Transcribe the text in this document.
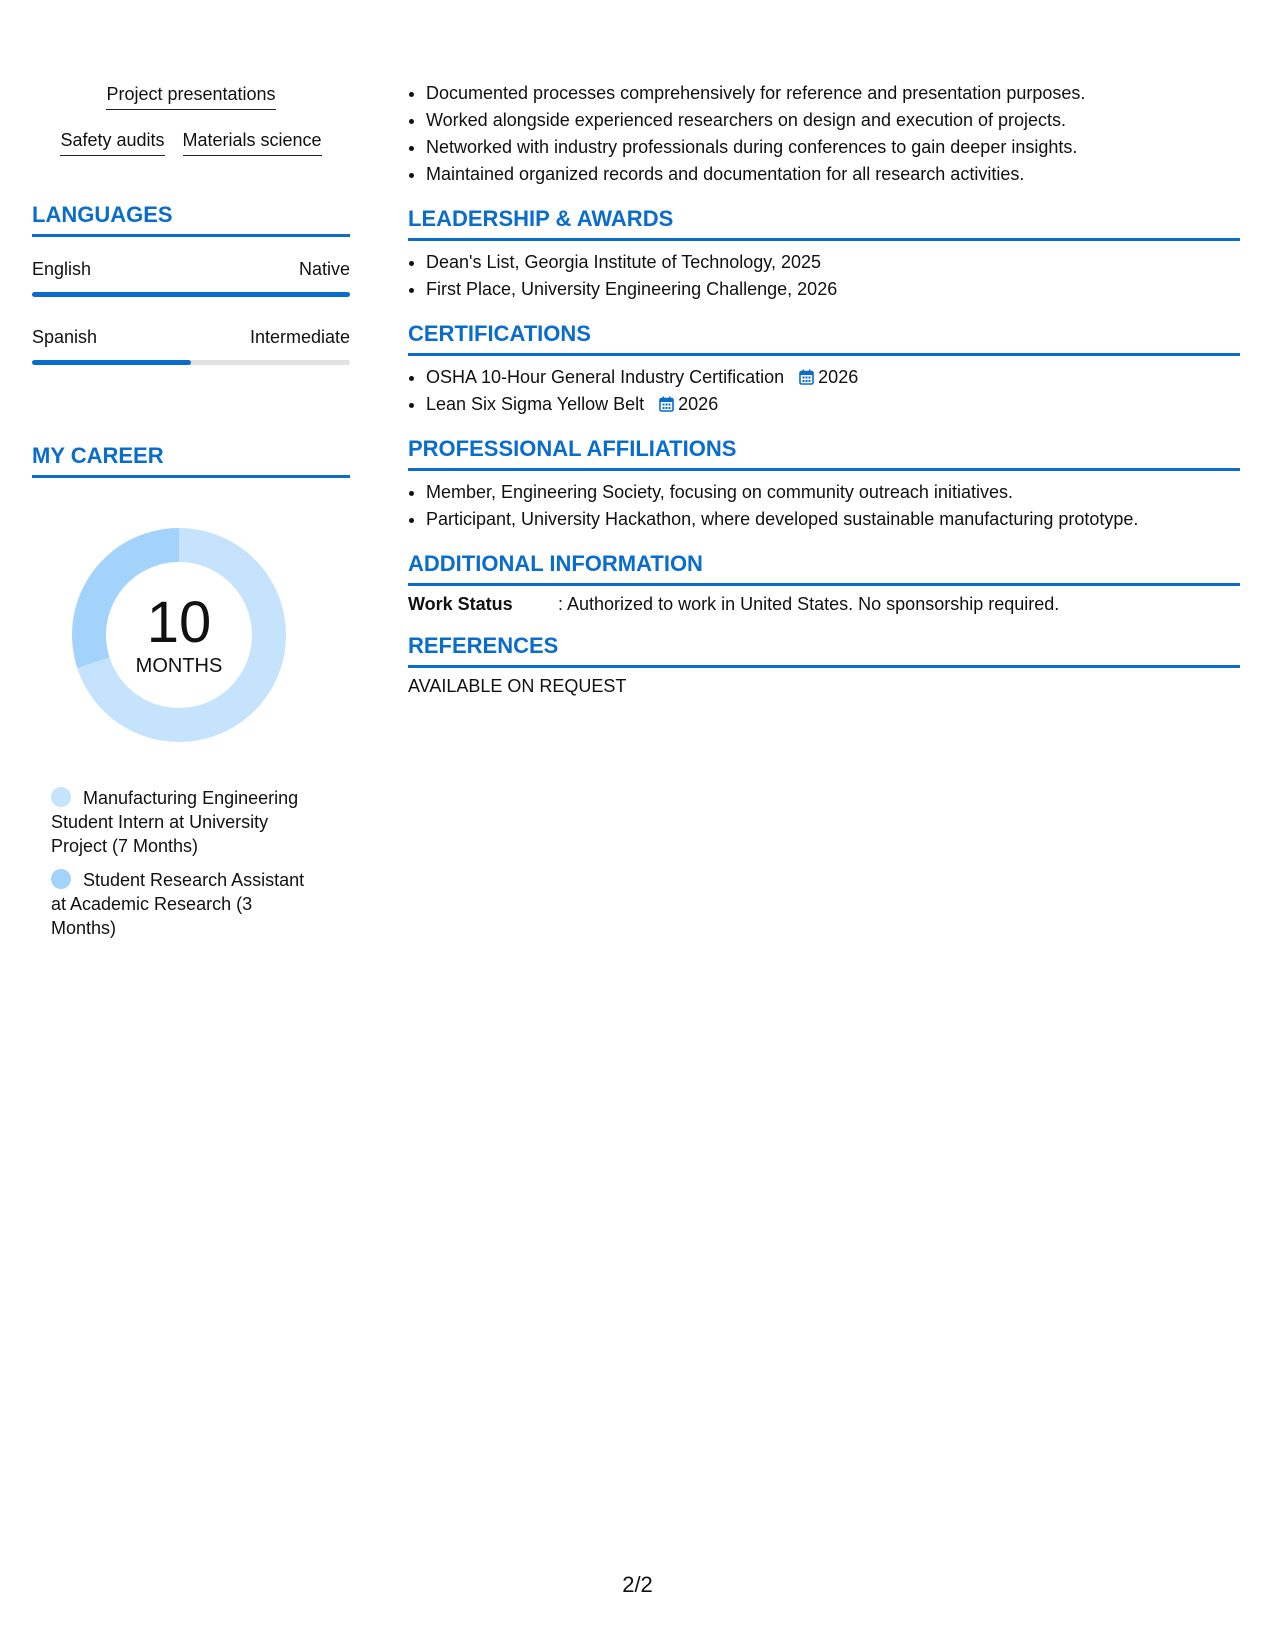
Project presentations
Safety audits Materials science
LANGUAGES
English	Native
Spanish	Intermediate
MY CAREER
10
MONTHS
Manufacturing Engineering Student Intern at University Project (7 Months)
Student Research Assistant at Academic Research (3 Months)
• Documented processes comprehensively for reference and presentation purposes.
• Worked alongside experienced researchers on design and execution of projects.
• Networked with industry professionals during conferences to gain deeper insights.
• Maintained organized records and documentation for all research activities.
LEADERSHIP & AWARDS
• Dean's List, Georgia Institute of Technology, 2025
• First Place, University Engineering Challenge, 2026
CERTIFICATIONS
• OSHA 10-Hour General Industry Certification 2026
• Lean Six Sigma Yellow Belt 2026
PROFESSIONAL AFFILIATIONS
• Member, Engineering Society, focusing on community outreach initiatives.
• Participant, University Hackathon, where developed sustainable manufacturing prototype.
ADDITIONAL INFORMATION
Work Status	: Authorized to work in United States. No sponsorship required.
REFERENCES
AVAILABLE ON REQUEST
2/2
